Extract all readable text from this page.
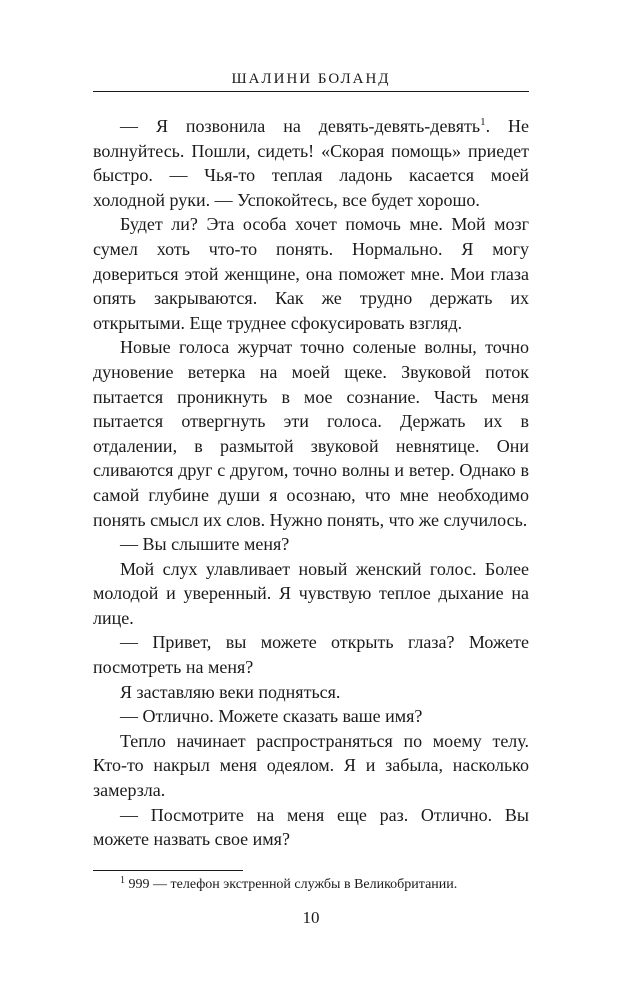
ШАЛИНИ БОЛАНД

— Я позвонила на девять-девять-девять$^1$. Не волнуйтесь. Пошли, сидеть! «Скорая помощь» приедет быстро. — Чья-то теплая ладонь касается моей холодной руки. — Успокойтесь, все будет хорошо.

Будет ли? Эта особа хочет помочь мне. Мой мозг сумел хоть что-то понять. Нормально. Я могу довериться этой женщине, она поможет мне. Мои глаза опять закрываются. Как же трудно держать их открытыми. Еще труднее сфокусировать взгляд.

Новые голоса журчат точно соленые волны, точно дуновение ветерка на моей щеке. Звуковой поток пытается проникнуть в мое сознание. Часть меня пытается отвергнуть эти голоса. Держать их в отдалении, в размытой звуковой невнятице. Они сливаются друг с другом, точно волны и ветер. Однако в самой глубине души я осознаю, что мне необходимо понять смысл их слов. Нужно понять, что же случилось.

— Вы слышите меня?

Мой слух улавливает новый женский голос. Более молодой и уверенный. Я чувствую теплое дыхание на лице.

— Привет, вы можете открыть глаза? Можете посмотреть на меня?

Я заставляю веки подняться.

— Отлично. Можете сказать ваше имя?

Тепло начинает распространяться по моему телу. Кто-то накрыл меня одеялом. Я и забыла, насколько замерзла.

— Посмотрите на меня еще раз. Отлично. Вы можете назвать свое имя?

$^1$ 999 — телефон экстренной службы в Великобритании.
10
